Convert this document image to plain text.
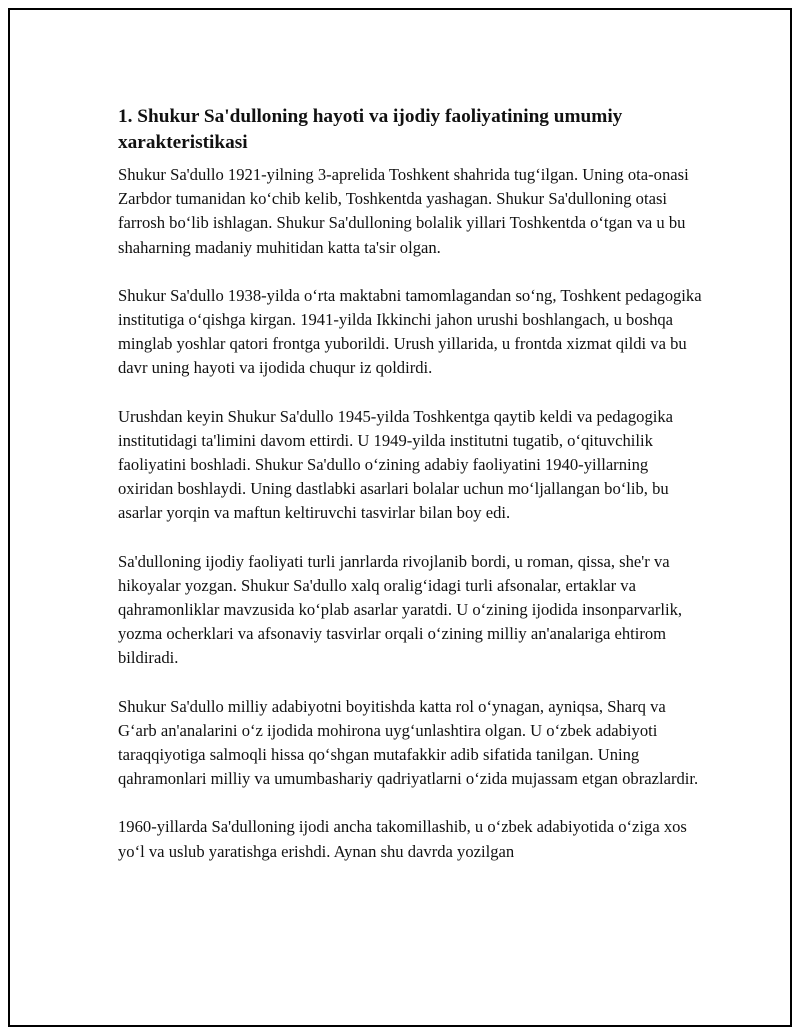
1. Shukur Sa'dulloning hayoti va ijodiy faoliyatining umumiy xarakteristikasi

Shukur Sa'dullo 1921-yilning 3-aprelida Toshkent shahrida tug‘ilgan. Uning ota-onasi Zarbdor tumanidan ko‘chib kelib, Toshkentda yashagan. Shukur Sa'dulloning otasi farrosh bo‘lib ishlagan. Shukur Sa'dulloning bolalik yillari Toshkentda o‘tgan va u bu shaharning madaniy muhitidan katta ta'sir olgan.

Shukur Sa'dullo 1938-yilda o‘rta maktabni tamomlagandan so‘ng, Toshkent pedagogika institutiga o‘qishga kirgan. 1941-yilda Ikkinchi jahon urushi boshlangach, u boshqa minglab yoshlar qatori frontga yuborildi. Urush yillarida, u frontda xizmat qildi va bu davr uning hayoti va ijodida chuqur iz qoldirdi.

Urushdan keyin Shukur Sa'dullo 1945-yilda Toshkentga qaytib keldi va pedagogika institutidagi ta'limini davom ettirdi. U 1949-yilda institutni tugatib, o‘qituvchilik faoliyatini boshladi. Shukur Sa'dullo o‘zining adabiy faoliyatini 1940-yillarning oxiridan boshlaydi. Uning dastlabki asarlari bolalar uchun mo‘ljallangan bo‘lib, bu asarlar yorqin va maftun keltiruvchi tasvirlar bilan boy edi.

Sa'dulloning ijodiy faoliyati turli janrlarda rivojlanib bordi, u roman, qissa, she'r va hikoyalar yozgan. Shukur Sa'dullo xalq oralig‘idagi turli afsonalar, ertaklar va qahramonliklar mavzusida ko‘plab asarlar yaratdi. U o‘zining ijodida insonparvarlik, yozma ocherklari va afsonaviy tasvirlar orqali o‘zining milliy an'analariga ehtirom bildiradi.

Shukur Sa'dullo milliy adabiyotni boyitishda katta rol o‘ynagan, ayniqsa, Sharq va G‘arb an'analarini o‘z ijodida mohirona uyg‘unlashtira olgan. U o‘zbek adabiyoti taraqqiyotiga salmoqli hissa qo‘shgan mutafakkir adib sifatida tanilgan. Uning qahramonlari milliy va umumbashariy qadriyatlarni o‘zida mujassam etgan obrazlardir.

1960-yillarda Sa'dulloning ijodi ancha takomillashib, u o‘zbek adabiyotida o‘ziga xos yo‘l va uslub yaratishga erishdi. Aynan shu davrda yozilgan
